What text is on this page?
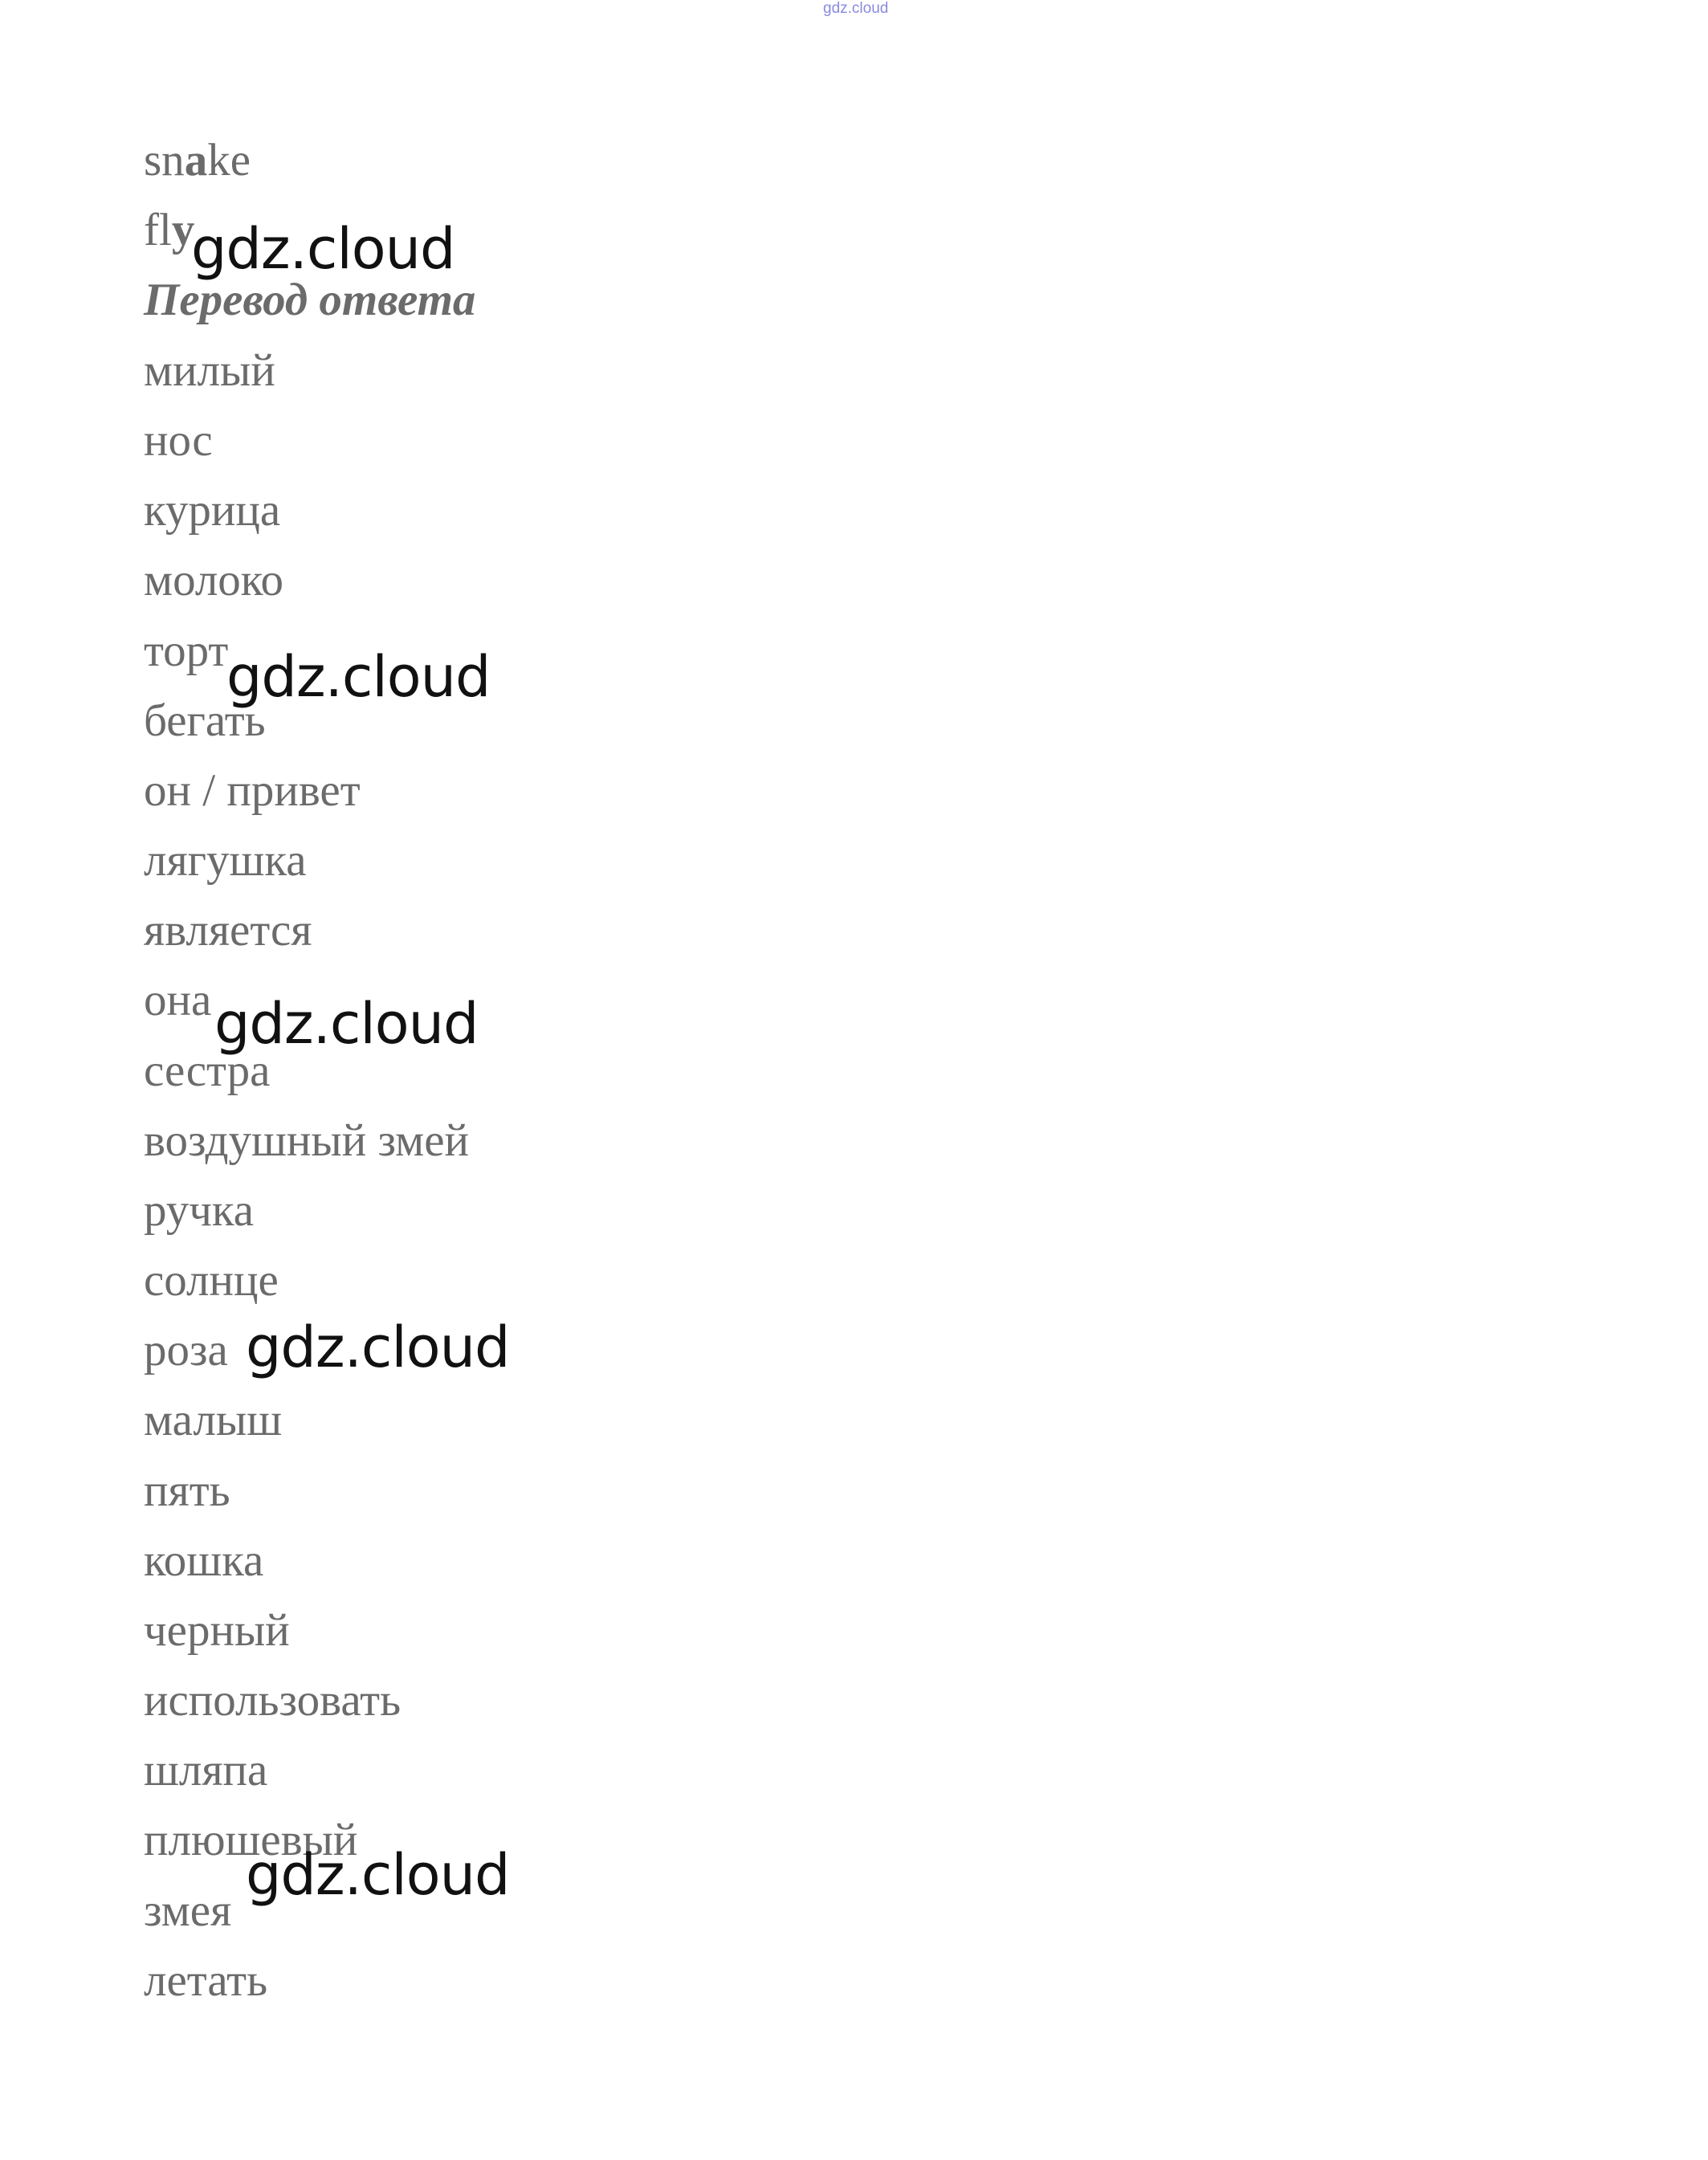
gdz.cloud
snake
fly
Перевод ответа
милый
нос
курица
молоко
торт
бегать
он / привет
лягушка
является
она
сестра
воздушный змей
ручка
солнце
роза
малыш
пять
кошка
черный
использовать
шляпа
плюшевый
змея
летать
gdz.cloud
gdz.cloud
gdz.cloud
gdz.cloud
gdz.cloud
